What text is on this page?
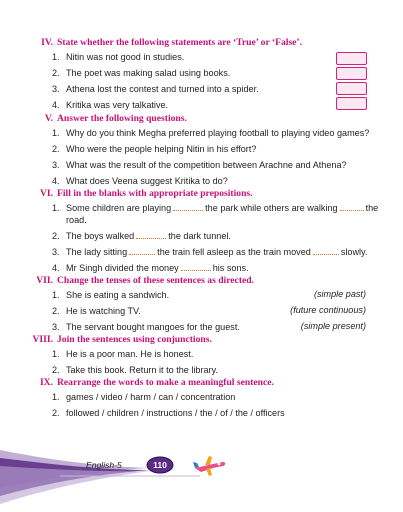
IV. State whether the following statements are ‘True’ or ‘False’.
1. Nitin was not good in studies.
2. The poet was making salad using books.
3. Athena lost the contest and turned into a spider.
4. Kritika was very talkative.
V. Answer the following questions.
1. Why do you think Megha preferred playing football to playing video games?
2. Who were the people helping Nitin in his effort?
3. What was the result of the competition between Arachne and Athena?
4. What does Veena suggest Kritika to do?
VI. Fill in the blanks with appropriate prepositions.
1. Some children are playing	the park while others are walking	the
road.
2. The boys walked	the dark tunnel.
3. The lady sitting	the train fell asleep as the train moved	slowly.
4. Mr Singh divided the money	his sons.
VII. Change the tenses of these sentences as directed.
1. She is eating a sandwich.	(simple past)
2. He is watching TV.	(future continuous)
3. The servant bought mangoes for the guest.	(simple present)
VIII. Join the sentences using conjunctions.
1. He is a poor man. He is honest.
2. Take this book. Return it to the library.
IX. Rearrange the words to make a meaningful sentence.
1. games / video / harm / can / concentration
2. followed / children / instructions / the / of / the / officers
English-5	110
